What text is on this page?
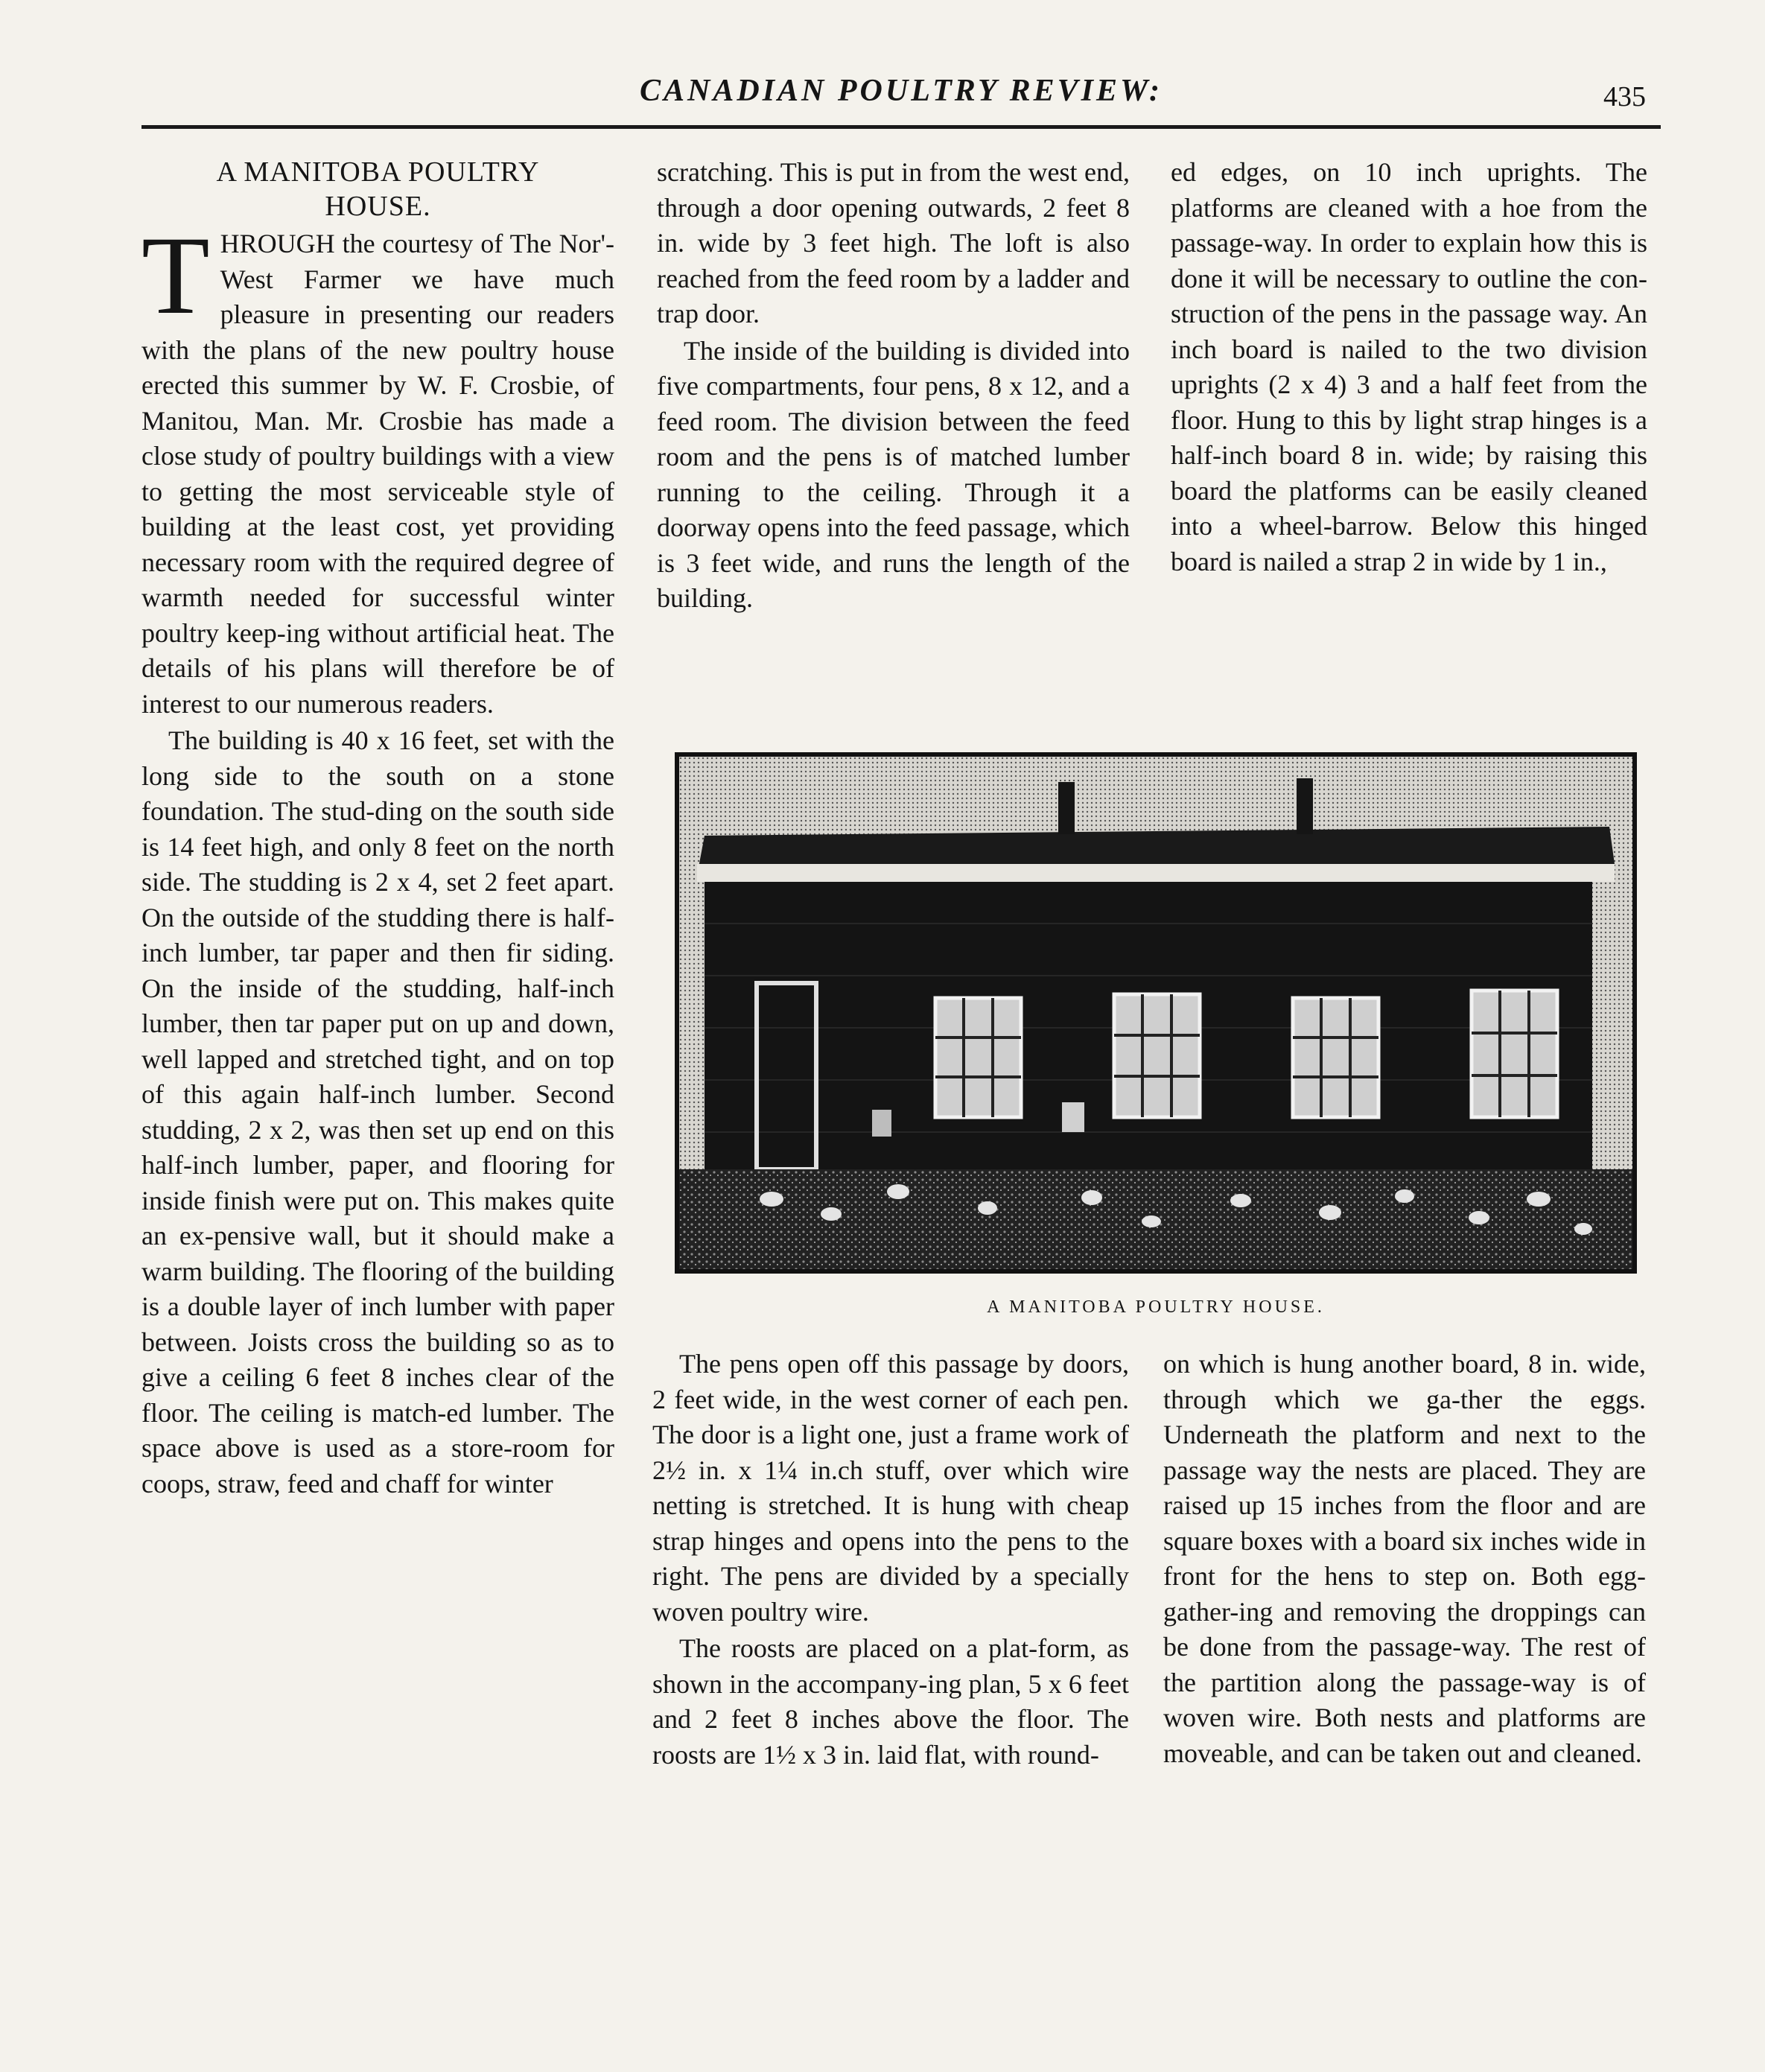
CANADIAN POULTRY REVIEW:	435
A MANITOBA POULTRY
HOUSE.

THROUGH the courtesy of The Nor'-West Farmer we have much pleasure in presenting our readers with the plans of the new poultry house erected this summer by W. F. Crosbie, of Manitou, Man. Mr. Crosbie has made a close study of poultry buildings with a view to getting the most serviceable style of building at the least cost, yet providing necessary room with the required degree of warmth needed for successful winter poultry keep-ing without artificial heat. The details of his plans will therefore be of interest to our numerous readers.

The building is 40 x 16 feet, set with the long side to the south on a stone foundation. The stud-ding on the south side is 14 feet high, and only 8 feet on the north side. The studding is 2 x 4, set 2 feet apart. On the outside of the studding there is half-inch lumber, tar paper and then fir siding. On the inside of the studding, half-inch lumber, then tar paper put on up and down, well lapped and stretched tight, and on top of this again half-inch lumber. Second studding, 2 x 2, was then set up end on this half-inch lumber, paper, and flooring for inside finish were put on. This makes quite an ex-pensive wall, but it should make a warm building. The flooring of the building is a double layer of inch lumber with paper between. Joists cross the building so as to give a ceiling 6 feet 8 inches clear of the floor. The ceiling is match-ed lumber. The space above is used as a store-room for coops, straw, feed and chaff for winter

scratching. This is put in from the west end, through a door opening outwards, 2 feet 8 in. wide by 3 feet high. The loft is also reached from the feed room by a ladder and trap door.

The inside of the building is divided into five compartments, four pens, 8 x 12, and a feed room. The division between the feed room and the pens is of matched lumber running to the ceiling. Through it a doorway opens into the feed passage, which is 3 feet wide, and runs the length of the building.

ed edges, on 10 inch uprights. The platforms are cleaned with a hoe from the passage-way. In order to explain how this is done it will be necessary to outline the con-struction of the pens in the passage way. An inch board is nailed to the two division uprights (2 x 4) 3 and a half feet from the floor. Hung to this by light strap hinges is a half-inch board 8 in. wide; by raising this board the platforms can be easily cleaned into a wheel-barrow. Below this hinged board is nailed a strap 2 in wide by 1 in.,

A MANITOBA POULTRY HOUSE.

The pens open off this passage by doors, 2 feet wide, in the west corner of each pen. The door is a light one, just a frame work of 2½ in. x 1¼ in.ch stuff, over which wire netting is stretched. It is hung with cheap strap hinges and opens into the pens to the right. The pens are divided by a specially woven poultry wire.

The roosts are placed on a plat-form, as shown in the accompany-ing plan, 5 x 6 feet and 2 feet 8 inches above the floor. The roosts are 1½ x 3 in. laid flat, with round-

on which is hung another board, 8 in. wide, through which we ga-ther the eggs. Underneath the platform and next to the passage way the nests are placed. They are raised up 15 inches from the floor and are square boxes with a board six inches wide in front for the hens to step on. Both egg-gather-ing and removing the droppings can be done from the passage-way. The rest of the partition along the passage-way is of woven wire. Both nests and platforms are moveable, and can be taken out and cleaned.
